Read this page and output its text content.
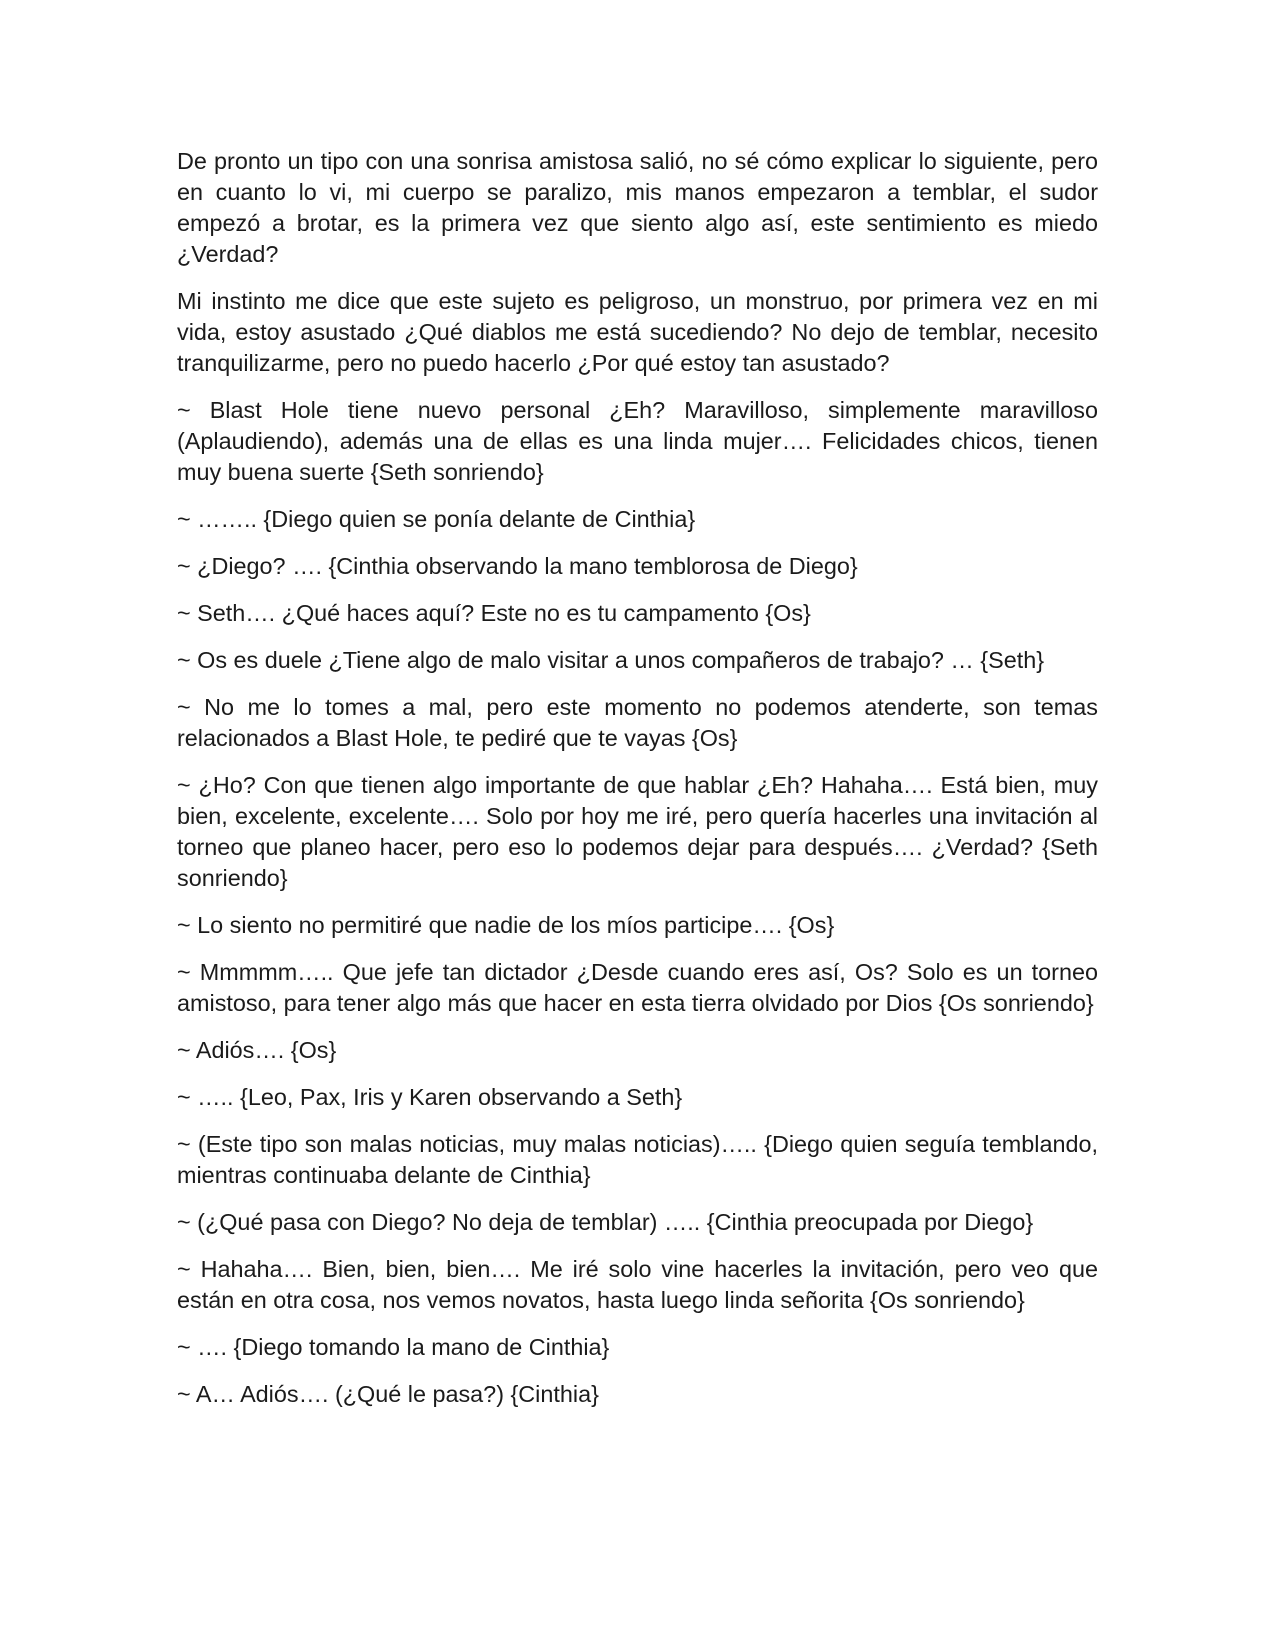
De pronto un tipo con una sonrisa amistosa salió, no sé cómo explicar lo siguiente, pero en cuanto lo vi, mi cuerpo se paralizo, mis manos empezaron a temblar, el sudor empezó a brotar, es la primera vez que siento algo así, este sentimiento es miedo ¿Verdad?

Mi instinto me dice que este sujeto es peligroso, un monstruo, por primera vez en mi vida, estoy asustado ¿Qué diablos me está sucediendo? No dejo de temblar, necesito tranquilizarme, pero no puedo hacerlo ¿Por qué estoy tan asustado?

~ Blast Hole tiene nuevo personal ¿Eh? Maravilloso, simplemente maravilloso (Aplaudiendo), además una de ellas es una linda mujer…. Felicidades chicos, tienen muy buena suerte {Seth sonriendo}

~ …….. {Diego quien se ponía delante de Cinthia}

~ ¿Diego? …. {Cinthia observando la mano temblorosa de Diego}

~ Seth…. ¿Qué haces aquí? Este no es tu campamento {Os}

~ Os es duele ¿Tiene algo de malo visitar a unos compañeros de trabajo? … {Seth}

~ No me lo tomes a mal, pero este momento no podemos atenderte, son temas relacionados a Blast Hole, te pediré que te vayas {Os}

~ ¿Ho? Con que tienen algo importante de que hablar ¿Eh? Hahaha…. Está bien, muy bien, excelente, excelente…. Solo por hoy me iré, pero quería hacerles una invitación al torneo que planeo hacer, pero eso lo podemos dejar para después…. ¿Verdad? {Seth sonriendo}

~ Lo siento no permitiré que nadie de los míos participe…. {Os}

~ Mmmmm….. Que jefe tan dictador ¿Desde cuando eres así, Os? Solo es un torneo amistoso, para tener algo más que hacer en esta tierra olvidado por Dios {Os sonriendo}

~ Adiós…. {Os}

~ ….. {Leo, Pax, Iris y Karen observando a Seth}

~ (Este tipo son malas noticias, muy malas noticias)….. {Diego quien seguía temblando, mientras continuaba delante de Cinthia}

~ (¿Qué pasa con Diego? No deja de temblar) ….. {Cinthia preocupada por Diego}

~ Hahaha…. Bien, bien, bien…. Me iré solo vine hacerles la invitación, pero veo que están en otra cosa, nos vemos novatos, hasta luego linda señorita {Os sonriendo}

~ …. {Diego tomando la mano de Cinthia}

~ A… Adiós…. (¿Qué le pasa?) {Cinthia}
